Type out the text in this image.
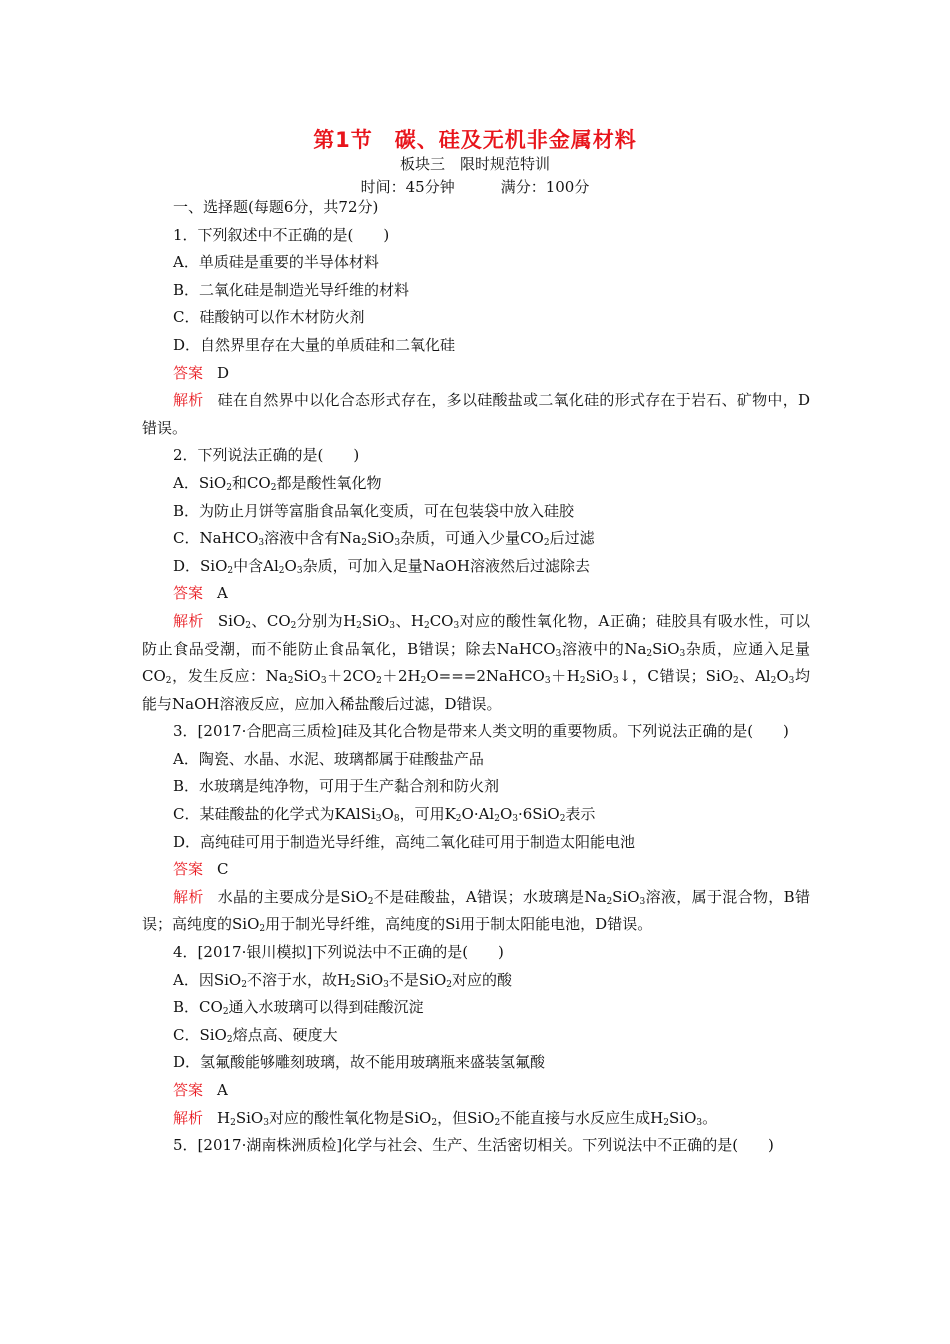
第1节　碳、硅及无机非金属材料
板块三　限时规范特训
时间：45分钟	满分：100分

一、选择题(每题6分，共72分)

1．下列叙述中不正确的是(　　)

A．单质硅是重要的半导体材料

B．二氧化硅是制造光导纤维的材料

C．硅酸钠可以作木材防火剂

D．自然界里存在大量的单质硅和二氧化硅

答案 D

解析 硅在自然界中以化合态形式存在，多以硅酸盐或二氧化硅的形式存在于岩石、矿物中，D错误。

2．下列说法正确的是(　　)

A．SiO$_2$和$CO_2$都是酸性氧化物

B．为防止月饼等富脂食品氧化变质，可在包装袋中放入硅胶

C．NaHCO$_3$溶液中含有$Na_2SiO_3$杂质，可通入少量$CO_2$后过滤

D．SiO$_2$中含$Al_2O_3$杂质，可加入足量NaOH溶液然后过滤除去

答案 A

解析 SiO$_2$、$CO_2$分别为$H_2SiO_3$、$H_2CO_3$对应的酸性氧化物，A正确；硅胶具有吸水性，可以防止食品受潮，而不能防止食品氧化，B错误；除去NaHCO$_3$溶液中的$Na_2SiO_3$杂质，应通入足量$CO_2$，发生反应：$Na_2SiO_3+2CO_2+2H_2O===2NaHCO_3+H_2SiO_3↓$，C错误；SiO$_2$、$Al_2O_3$均能与NaOH溶液反应，应加入稀盐酸后过滤，D错误。

3．[2017·合肥高三质检]硅及其化合物是带来人类文明的重要物质。下列说法正确的是(　　)

A．陶瓷、水晶、水泥、玻璃都属于硅酸盐产品

B．水玻璃是纯净物，可用于生产黏合剂和防火剂

C．某硅酸盐的化学式为$KAlSi_3O_8$，可用$K_2O\cdot Al_2O_3\cdot 6SiO_2$表示

D．高纯硅可用于制造光导纤维，高纯二氧化硅可用于制造太阳能电池

答案 C

解析 水晶的主要成分是SiO$_2$不是硅酸盐，A错误；水玻璃是$Na_2SiO_3$溶液，属于混合物，B错误；高纯度的SiO$_2$用于制光导纤维，高纯度的Si用于制太阳能电池，D错误。

4．[2017·银川模拟]下列说法中不正确的是(　　)

A．因SiO$_2$不溶于水，故$H_2SiO_3$不是SiO$_2$对应的酸

B．$CO_2$通入水玻璃可以得到硅酸沉淀

C．SiO$_2$熔点高、硬度大

D．氢氟酸能够雕刻玻璃，故不能用玻璃瓶来盛装氢氟酸

答案 A

解析 $H_2SiO_3$对应的酸性氧化物是SiO$_2$，但SiO$_2$不能直接与水反应生成$H_2SiO_3$。

5．[2017·湖南株洲质检]化学与社会、生产、生活密切相关。下列说法中不正确的是(　　)
